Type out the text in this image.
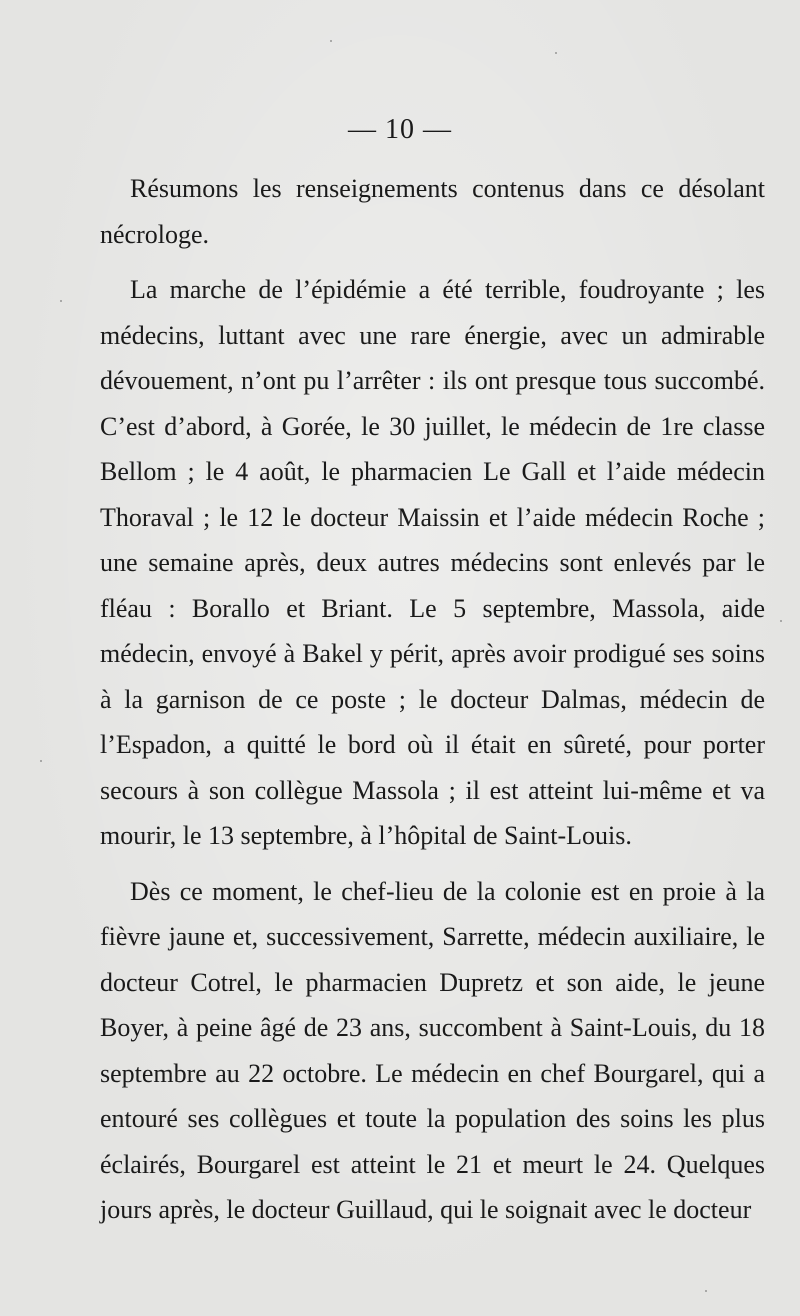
— 10 —

Résumons les renseignements contenus dans ce désolant nécrologe.

La marche de l’épidémie a été terrible, foudroyante ; les médecins, luttant avec une rare énergie, avec un admirable dévouement, n’ont pu l’arrêter : ils ont presque tous succombé. C’est d’abord, à Gorée, le 30 juillet, le médecin de 1re classe Bellom ; le 4 août, le pharmacien Le Gall et l’aide médecin Thoraval ; le 12 le docteur Maissin et l’aide médecin Roche ; une semaine après, deux autres médecins sont enlevés par le fléau : Borallo et Briant. Le 5 septembre, Massola, aide médecin, envoyé à Bakel y périt, après avoir prodigué ses soins à la garnison de ce poste ; le docteur Dalmas, médecin de l’Espadon, a quitté le bord où il était en sûreté, pour porter secours à son collègue Massola ; il est atteint lui-même et va mourir, le 13 septembre, à l’hôpital de Saint-Louis.

Dès ce moment, le chef-lieu de la colonie est en proie à la fièvre jaune et, successivement, Sarrette, médecin auxiliaire, le docteur Cotrel, le pharmacien Dupretz et son aide, le jeune Boyer, à peine âgé de 23 ans, succombent à Saint-Louis, du 18 septembre au 22 octobre. Le médecin en chef Bourgarel, qui a entouré ses collègues et toute la population des soins les plus éclairés, Bourgarel est atteint le 21 et meurt le 24. Quelques jours après, le docteur Guillaud, qui le soignait avec le docteur
